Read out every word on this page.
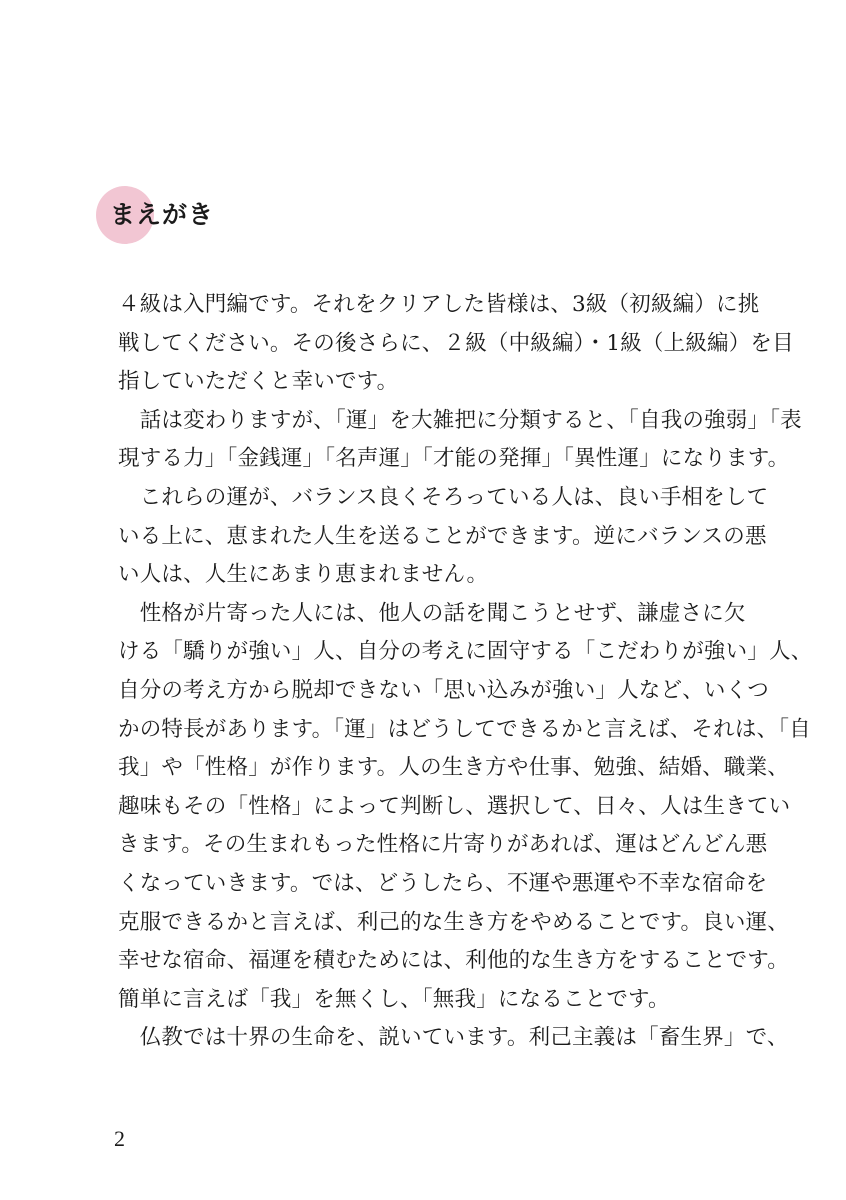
まえがき
４級は入門編です。それをクリアした皆様は、3級（初級編）に挑
戦してください。その後さらに、２級（中級編）・1級（上級編）を目
指していただくと幸いです。
　話は変わりますが、「運」を大雑把に分類すると、「自我の強弱」「表
現する力」「金銭運」「名声運」「才能の発揮」「異性運」になります。
　これらの運が、バランス良くそろっている人は、良い手相をして
いる上に、恵まれた人生を送ることができます。逆にバランスの悪
い人は、人生にあまり恵まれません。
　性格が片寄った人には、他人の話を聞こうとせず、謙虚さに欠
ける「驕りが強い」人、自分の考えに固守する「こだわりが強い」人、
自分の考え方から脱却できない「思い込みが強い」人など、いくつ
かの特長があります。「運」はどうしてできるかと言えば、それは、「自
我」や「性格」が作ります。人の生き方や仕事、勉強、結婚、職業、
趣味もその「性格」によって判断し、選択して、日々、人は生きてい
きます。その生まれもった性格に片寄りがあれば、運はどんどん悪
くなっていきます。では、どうしたら、不運や悪運や不幸な宿命を
克服できるかと言えば、利己的な生き方をやめることです。良い運、
幸せな宿命、福運を積むためには、利他的な生き方をすることです。
簡単に言えば「我」を無くし、「無我」になることです。
　仏教では十界の生命を、説いています。利己主義は「畜生界」で、
2
